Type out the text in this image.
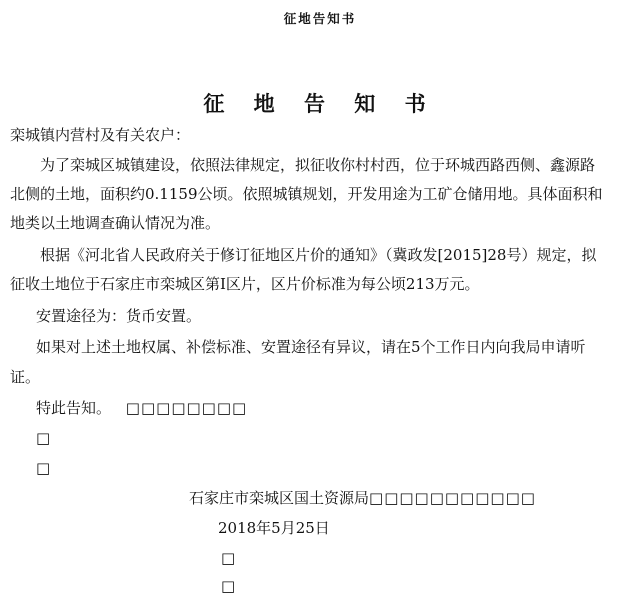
征地告知书
征 地 告 知 书
栾城镇内营村及有关农户：
为了栾城区城镇建设，依照法律规定，拟征收你村村西，位于环城西路西侧、鑫源路
北侧的土地，面积约0.1159公顷。依照城镇规划，开发用途为工矿仓储用地。具体面积和
地类以土地调查确认情况为准。
根据《河北省人民政府关于修订征地区片价的通知》（冀政发[2015]28号）规定，拟
征收土地位于石家庄市栾城区第Ⅰ区片，区片价标准为每公顷213万元。
安置途径为：货币安置。
如果对上述土地权属、补偿标准、安置途径有异议，请在5个工作日内向我局申请听
证。
特此告知。 □□□□□□□□
□
□
石家庄市栾城区国土资源局□□□□□□□□□□□
2018年5月25日
□
□
